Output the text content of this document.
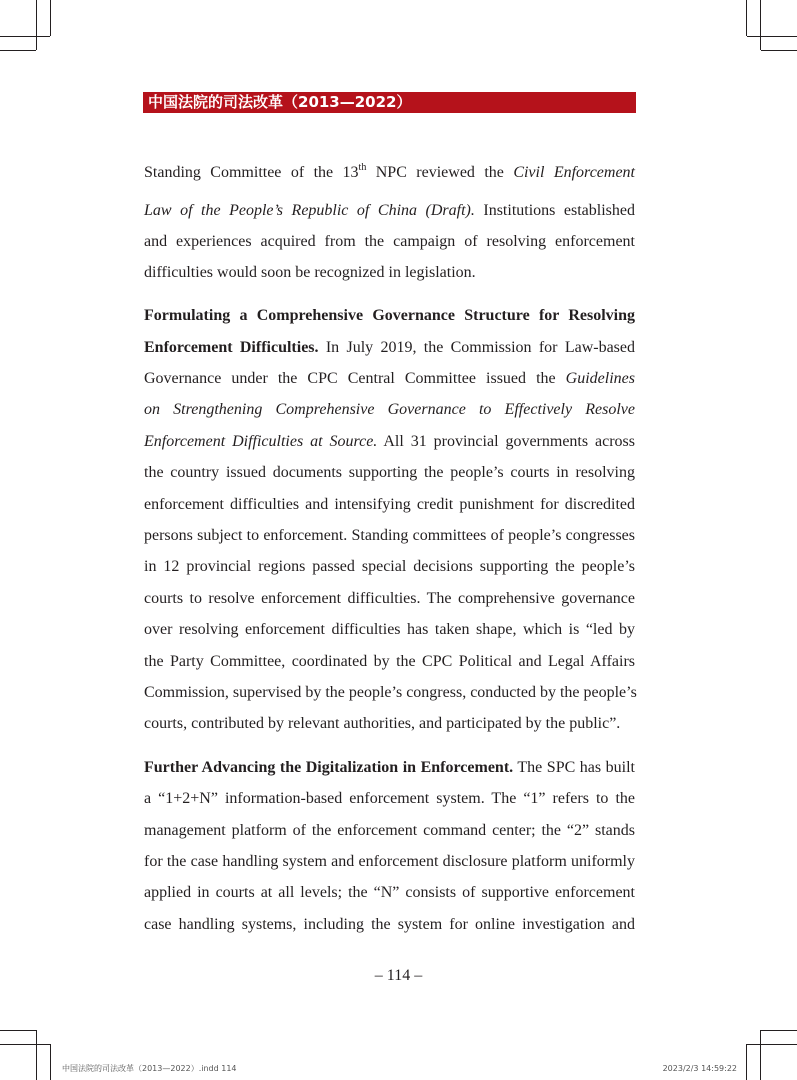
中国法院的司法改革（2013—2022）
Standing Committee of the 13th NPC reviewed the Civil Enforcement
Law of the People’s Republic of China (Draft). Institutions established
and experiences acquired from the campaign of resolving enforcement
difficulties would soon be recognized in legislation.
Formulating a Comprehensive Governance Structure for Resolving
Enforcement Difficulties. In July 2019, the Commission for Law-based
Governance under the CPC Central Committee issued the Guidelines
on Strengthening Comprehensive Governance to Effectively Resolve
Enforcement Difficulties at Source. All 31 provincial governments across
the country issued documents supporting the people’s courts in resolving
enforcement difficulties and intensifying credit punishment for discredited
persons subject to enforcement. Standing committees of people’s congresses
in 12 provincial regions passed special decisions supporting the people’s
courts to resolve enforcement difficulties. The comprehensive governance
over resolving enforcement difficulties has taken shape, which is “led by
the Party Committee, coordinated by the CPC Political and Legal Affairs
Commission, supervised by the people’s congress, conducted by the people’s
courts, contributed by relevant authorities, and participated by the public”.
Further Advancing the Digitalization in Enforcement. The SPC has built
a “1+2+N” information-based enforcement system. The “1” refers to the
management platform of the enforcement command center; the “2” stands
for the case handling system and enforcement disclosure platform uniformly
applied in courts at all levels; the “N” consists of supportive enforcement
case handling systems, including the system for online investigation and
– 114 –
中国法院的司法改革（2013—2022）.indd 114	2023/2/3 14:59:22
